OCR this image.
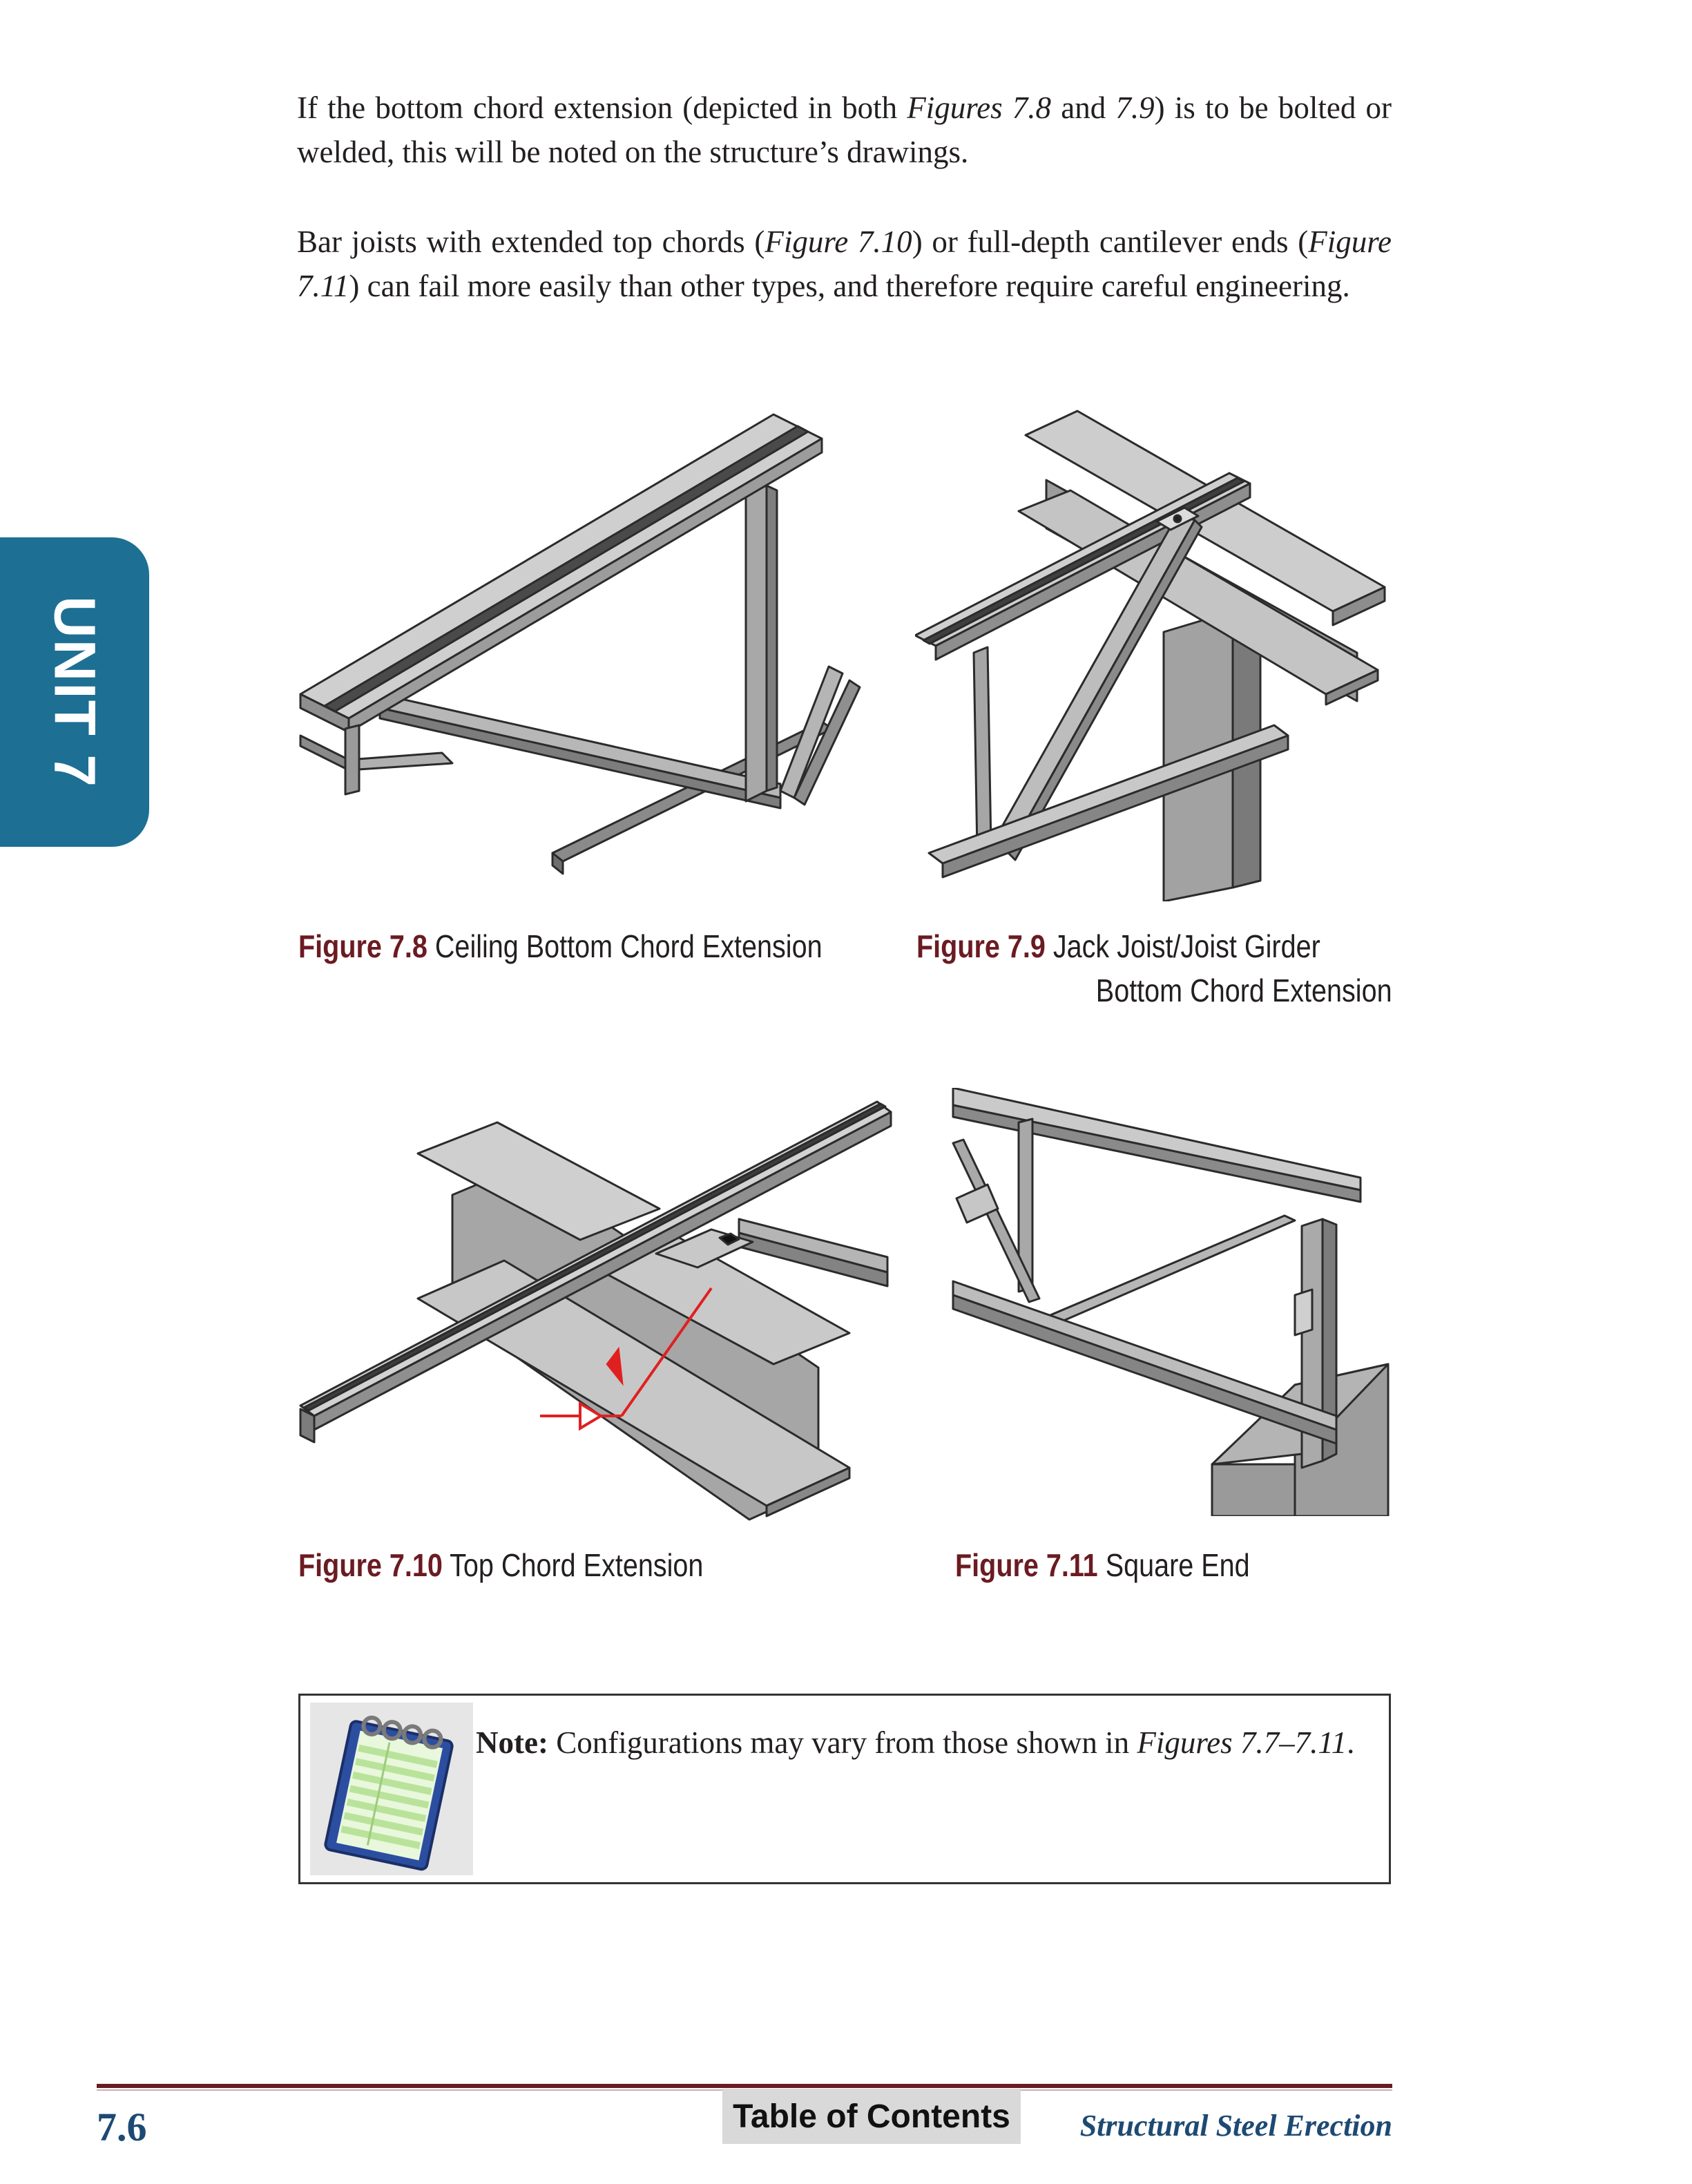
If the bottom chord extension (depicted in both Figures 7.8 and 7.9) is to be bolted or welded, this will be noted on the structure’s drawings.

Bar joists with extended top chords (Figure 7.10) or full-depth cantilever ends (Figure 7.11) can fail more easily than other types, and therefore require careful engineering.

UNIT 7
Figure 7.8 Ceiling Bottom Chord Extension	Figure 7.9 Jack Joist/Joist Girder
Bottom Chord Extension
Figure 7.10 Top Chord Extension	Figure 7.11 Square End
Note: Configurations may vary from those shown in Figures 7.7–7.11.
7.6	Table of Contents	Structural Steel Erection
